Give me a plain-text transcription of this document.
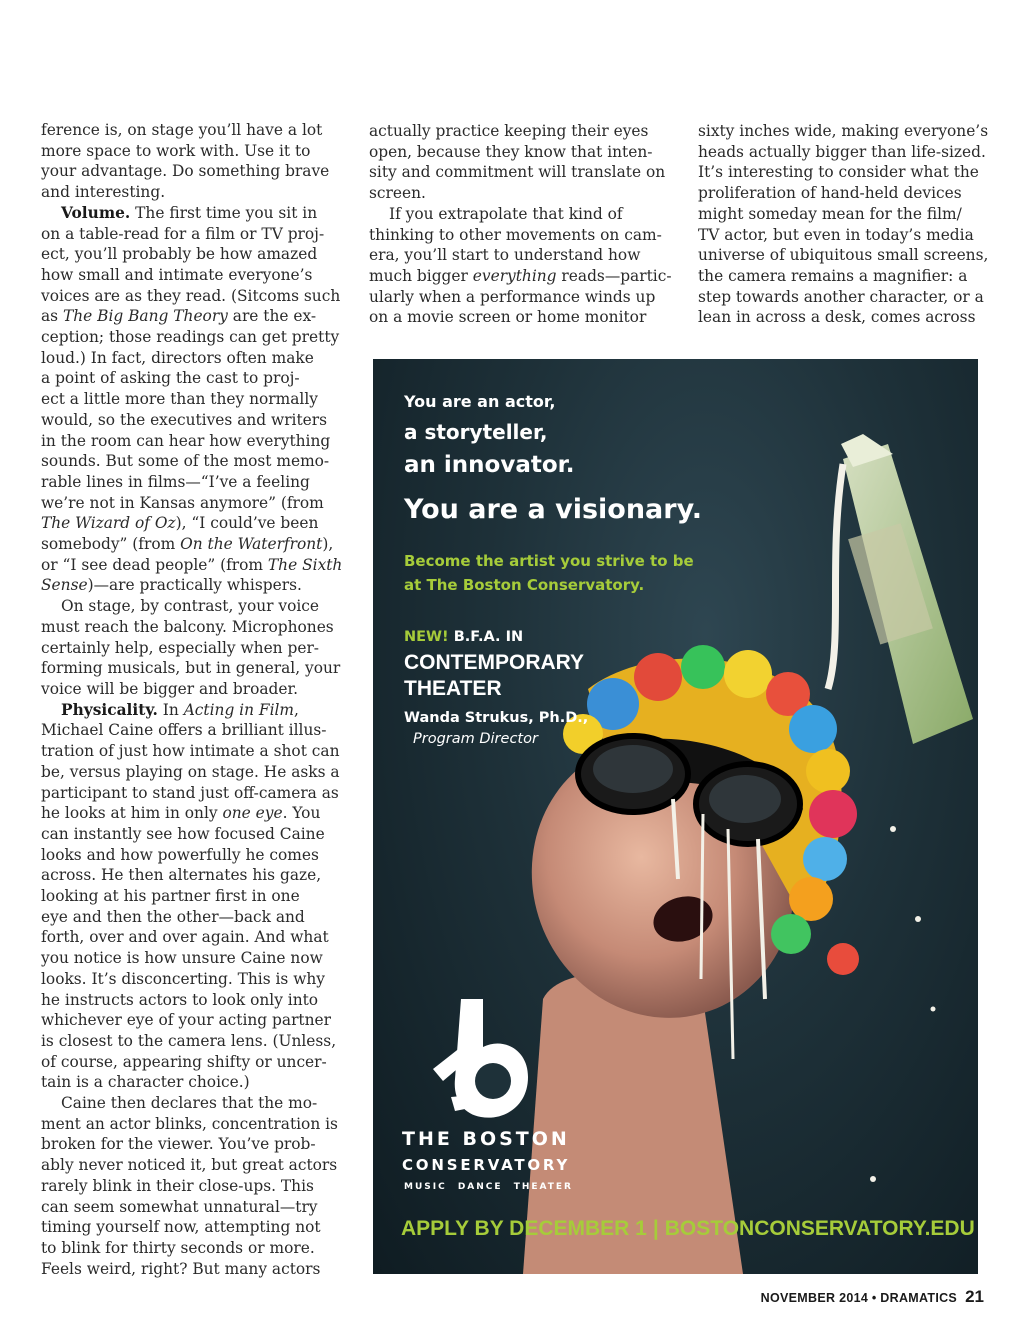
ference is, on stage you’ll have a lot
more space to work with. Use it to
your advantage. Do something brave
and interesting.
Volume. The first time you sit in
on a table-read for a film or TV proj-
ect, you’ll probably be how amazed
how small and intimate everyone’s
voices are as they read. (Sitcoms such
as The Big Bang Theory are the ex-
ception; those readings can get pretty
loud.) In fact, directors often make
a point of asking the cast to proj-
ect a little more than they normally
would, so the executives and writers
in the room can hear how everything
sounds. But some of the most memo-
rable lines in films—“I’ve a feeling
we’re not in Kansas anymore” (from
The Wizard of Oz), “I could’ve been
somebody” (from On the Waterfront),
or “I see dead people” (from The Sixth
Sense)—are practically whispers.
On stage, by contrast, your voice
must reach the balcony. Microphones
certainly help, especially when per-
forming musicals, but in general, your
voice will be bigger and broader.
Physicality. In Acting in Film,
Michael Caine offers a brilliant illus-
tration of just how intimate a shot can
be, versus playing on stage. He asks a
participant to stand just off-camera as
he looks at him in only one eye. You
can instantly see how focused Caine
looks and how powerfully he comes
across. He then alternates his gaze,
looking at his partner first in one
eye and then the other—back and
forth, over and over again. And what
you notice is how unsure Caine now
looks. It’s disconcerting. This is why
he instructs actors to look only into
whichever eye of your acting partner
is closest to the camera lens. (Unless,
of course, appearing shifty or uncer-
tain is a character choice.)
Caine then declares that the mo-
ment an actor blinks, concentration is
broken for the viewer. You’ve prob-
ably never noticed it, but great actors
rarely blink in their close-ups. This
can seem somewhat unnatural—try
timing yourself now, attempting not
to blink for thirty seconds or more.
Feels weird, right? But many actors
actually practice keeping their eyes
open, because they know that inten-
sity and commitment will translate on
screen.
If you extrapolate that kind of
thinking to other movements on cam-
era, you’ll start to understand how
much bigger everything reads—partic-
ularly when a performance winds up
on a movie screen or home monitor
sixty inches wide, making everyone’s
heads actually bigger than life-sized.
It’s interesting to consider what the
proliferation of hand-held devices
might someday mean for the film/
TV actor, but even in today’s media
universe of ubiquitous small screens,
the camera remains a magnifier: a
step towards another character, or a
lean in across a desk, comes across
You are an actor,
a storyteller,
an innovator.
You are a visionary.
Become the artist you strive to be
at The Boston Conservatory.
NEW! B.F.A. IN
CONTEMPORARY
THEATER
Wanda Strukus, Ph.D.,
Program Director
THE BOSTON
CONSERVATORY
MUSIC DANCE THEATER
APPLY BY DECEMBER 1 | BOSTONCONSERVATORY.EDU
NOVEMBER 2014 • DRAMATICS 21
